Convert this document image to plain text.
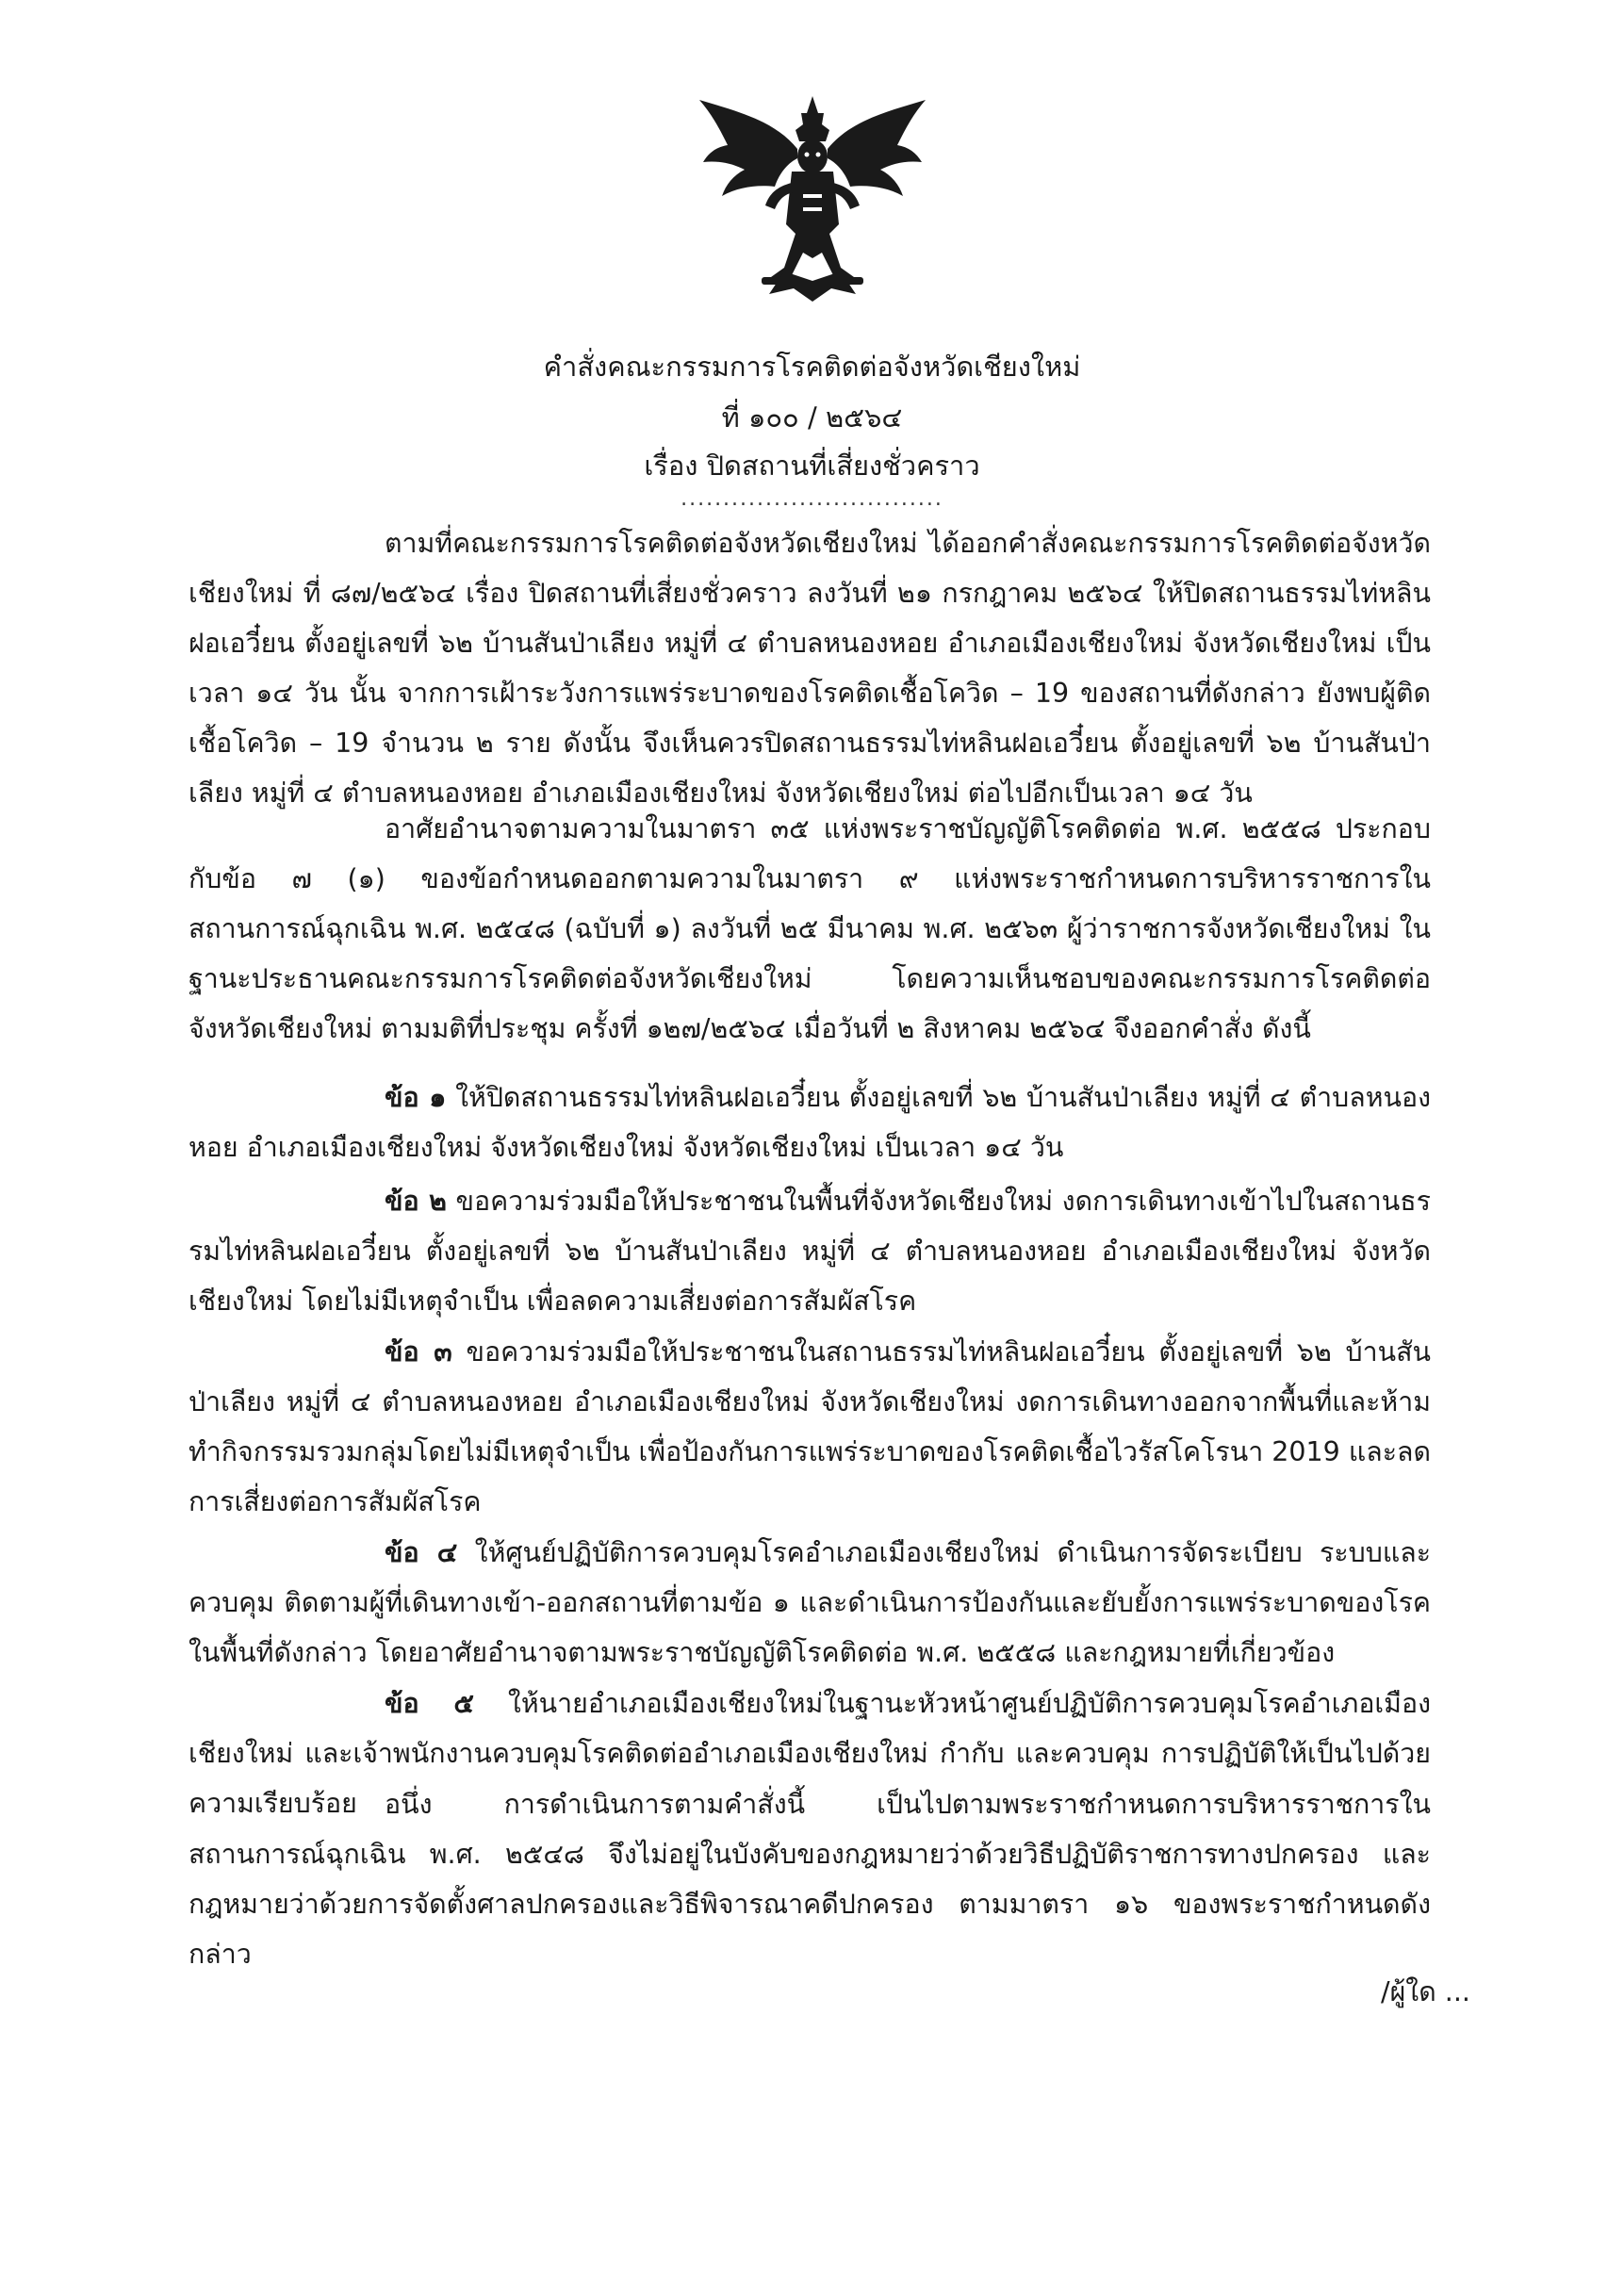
คำสั่งคณะกรรมการโรคติดต่อจังหวัดเชียงใหม่
ที่ ๑๐๐ / ๒๕๖๔
เรื่อง ปิดสถานที่เสี่ยงชั่วคราว
...............................
ตามที่คณะกรรมการโรคติดต่อจังหวัดเชียงใหม่ ได้ออกคำสั่งคณะกรรมการโรคติดต่อจังหวัดเชียงใหม่ ที่ ๘๗/๒๕๖๔ เรื่อง ปิดสถานที่เสี่ยงชั่วคราว ลงวันที่ ๒๑ กรกฎาคม ๒๕๖๔ ให้ปิดสถานธรรมไท่หลินฝอเอวี๋ยน ตั้งอยู่เลขที่ ๖๒ บ้านสันป่าเลียง หมู่ที่ ๔ ตำบลหนองหอย อำเภอเมืองเชียงใหม่ จังหวัดเชียงใหม่ เป็นเวลา ๑๔ วัน นั้น จากการเฝ้าระวังการแพร่ระบาดของโรคติดเชื้อโควิด – 19 ของสถานที่ดังกล่าว ยังพบผู้ติดเชื้อโควิด – 19 จำนวน ๒ ราย ดังนั้น จึงเห็นควรปิดสถานธรรมไท่หลินฝอเอวี๋ยน ตั้งอยู่เลขที่ ๖๒ บ้านสันป่าเลียง หมู่ที่ ๔ ตำบลหนองหอย อำเภอเมืองเชียงใหม่ จังหวัดเชียงใหม่ ต่อไปอีกเป็นเวลา ๑๔ วัน
อาศัยอำนาจตามความในมาตรา ๓๕ แห่งพระราชบัญญัติโรคติดต่อ พ.ศ. ๒๕๕๘ ประกอบกับข้อ ๗ (๑) ของข้อกำหนดออกตามความในมาตรา ๙ แห่งพระราชกำหนดการบริหารราชการในสถานการณ์ฉุกเฉิน พ.ศ. ๒๕๔๘ (ฉบับที่ ๑) ลงวันที่ ๒๕ มีนาคม พ.ศ. ๒๕๖๓ ผู้ว่าราชการจังหวัดเชียงใหม่ ในฐานะประธานคณะกรรมการโรคติดต่อจังหวัดเชียงใหม่ โดยความเห็นชอบของคณะกรรมการโรคติดต่อจังหวัดเชียงใหม่ ตามมติที่ประชุม ครั้งที่ ๑๒๗/๒๕๖๔ เมื่อวันที่ ๒ สิงหาคม ๒๕๖๔ จึงออกคำสั่ง ดังนี้
ข้อ ๑ ให้ปิดสถานธรรมไท่หลินฝอเอวี๋ยน ตั้งอยู่เลขที่ ๖๒ บ้านสันป่าเลียง หมู่ที่ ๔ ตำบลหนองหอย อำเภอเมืองเชียงใหม่ จังหวัดเชียงใหม่ จังหวัดเชียงใหม่ เป็นเวลา ๑๔ วัน
ข้อ ๒ ขอความร่วมมือให้ประชาชนในพื้นที่จังหวัดเชียงใหม่ งดการเดินทางเข้าไปในสถานธรรมไท่หลินฝอเอวี๋ยน ตั้งอยู่เลขที่ ๖๒ บ้านสันป่าเลียง หมู่ที่ ๔ ตำบลหนองหอย อำเภอเมืองเชียงใหม่ จังหวัดเชียงใหม่ โดยไม่มีเหตุจำเป็น เพื่อลดความเสี่ยงต่อการสัมผัสโรค
ข้อ ๓ ขอความร่วมมือให้ประชาชนในสถานธรรมไท่หลินฝอเอวี๋ยน ตั้งอยู่เลขที่ ๖๒ บ้านสันป่าเลียง หมู่ที่ ๔ ตำบลหนองหอย อำเภอเมืองเชียงใหม่ จังหวัดเชียงใหม่ งดการเดินทางออกจากพื้นที่และห้ามทำกิจกรรมรวมกลุ่มโดยไม่มีเหตุจำเป็น เพื่อป้องกันการแพร่ระบาดของโรคติดเชื้อไวรัสโคโรนา 2019 และลดการเสี่ยงต่อการสัมผัสโรค
ข้อ ๔ ให้ศูนย์ปฏิบัติการควบคุมโรคอำเภอเมืองเชียงใหม่ ดำเนินการจัดระเบียบ ระบบและควบคุม ติดตามผู้ที่เดินทางเข้า-ออกสถานที่ตามข้อ ๑ และดำเนินการป้องกันและยับยั้งการแพร่ระบาดของโรคในพื้นที่ดังกล่าว โดยอาศัยอำนาจตามพระราชบัญญัติโรคติดต่อ พ.ศ. ๒๕๕๘ และกฎหมายที่เกี่ยวข้อง
ข้อ ๕ ให้นายอำเภอเมืองเชียงใหม่ในฐานะหัวหน้าศูนย์ปฏิบัติการควบคุมโรคอำเภอเมืองเชียงใหม่ และเจ้าพนักงานควบคุมโรคติดต่ออำเภอเมืองเชียงใหม่ กำกับ และควบคุม การปฏิบัติให้เป็นไปด้วยความเรียบร้อย	อนึ่ง การดำเนินการตามคำสั่งนี้ เป็นไปตามพระราชกำหนดการบริหารราชการในสถานการณ์ฉุกเฉิน พ.ศ. ๒๕๔๘ จึงไม่อยู่ในบังคับของกฎหมายว่าด้วยวิธีปฏิบัติราชการทางปกครอง และกฎหมายว่าด้วยการจัดตั้งศาลปกครองและวิธีพิจารณาคดีปกครอง ตามมาตรา ๑๖ ของพระราชกำหนดดังกล่าว
/ผู้ใด ...
